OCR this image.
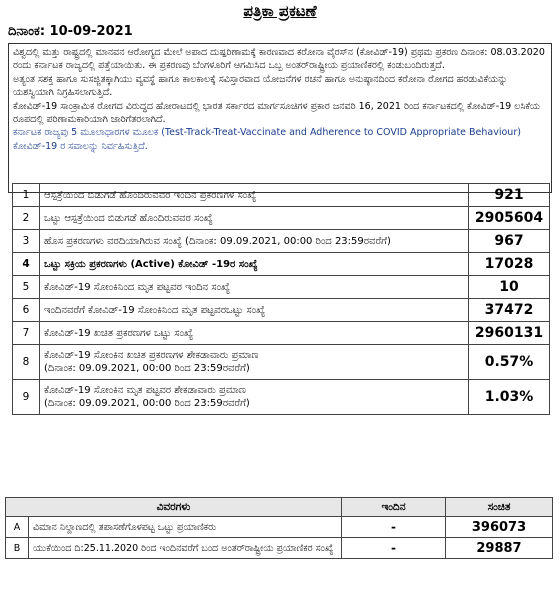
ಪತ್ರಿಕಾ ಪ್ರಕಟಣೆ
ದಿನಾಂಕ: 10-09-2021

ವಿಶ್ವದಲ್ಲಿ ಮತ್ತು ರಾಷ್ಟ್ರದಲ್ಲಿ ಮಾನವನ ಆರೋಗ್ಯದ ಮೇಲೆ ಅಪಾದ ದುಷ್ಪರಿಣಾಮಕ್ಕೆ ಕಾರಣವಾದ ಕರೋನಾ ವೈರಸ್‌ನ (ಕೋವಿಡ್-19) ಪ್ರಥಮ ಪ್ರಕರಣ ದಿನಾಂಕ: 08.03.2020 ರಂದು ಕರ್ನಾಟಕ ರಾಜ್ಯದಲ್ಲಿ ಪತ್ತೆಯಾಯಿತು. ಈ ಪ್ರಕರಣವು ಬೆಂಗಳೂರಿಗೆ ಆಗಮಿಸಿದ ಒಬ್ಬ ಅಂತರ್‌ರಾಷ್ಟ್ರೀಯ ಪ್ರಯಾಣಿಕರಲ್ಲಿ ಕಂಡುಬಂದಿರುತ್ತದೆ.

ಅತ್ಯಂತ ಸಶಕ್ತ ಹಾಗೂ ಸುಸಜ್ಜಿತಕ್ಕಾಗಿಯು ವ್ಯವಸ್ಥೆ ಹಾಗೂ ಕಾಲಕಾಲಕ್ಕೆ ಸವಿಸ್ತಾರವಾದ ಯೋಜನೆಗಳ ರಚನೆ ಹಾಗೂ ಅನುಷ್ಠಾನದಿಂದ ಕರೋನಾ ರೋಗದ ಹರಡುವಿಕೆಯನ್ನು ಯಶಸ್ವಿಯಾಗಿ ನಿಗ್ರಹಿಸಲಾಗುತ್ತಿದೆ.

ಕೋವಿಡ್-19 ಸಾಂಕ್ರಾಮಿಕ ರೋಗದ ವಿರುದ್ಧದ ಹೋರಾಟದಲ್ಲಿ ಭಾರತ ಸರ್ಕಾರದ ಮಾರ್ಗಸೂಚಿಗಳ ಪ್ರಕಾರ ಜನವರಿ 16, 2021 ರಿಂದ ಕರ್ನಾಟಕದಲ್ಲಿ ಕೋವಿಡ್-19 ಲಸಿಕೆಯ ರೂಪದಲ್ಲಿ ಪರಿಣಾಮಕಾರಿಯಾಗಿ ಜಾರಿಗೆತರಲಾಗಿದೆ.

ಕರ್ನಾಟಕ ರಾಜ್ಯವು 5 ಮೂಲಾಧಾರಗಳ ಮೂಲಕ (Test-Track-Treat-Vaccinate and Adherence to COVID Appropriate Behaviour) ಕೋವಿಡ್-19 ರ ಸವಾಲನ್ನು ನಿರ್ವಹಿಸುತ್ತಿದೆ.

1	ಆಸ್ಪತ್ರೆಯಿಂದ ಬಿಡುಗಡೆ ಹೊಂದಿರುವವರ ಇಂದಿನ ಪ್ರಕರಣಗಳ ಸಂಖ್ಯೆ	921
2	ಒಟ್ಟು ಆಸ್ಪತ್ರೆಯಿಂದ ಬಿಡುಗಡೆ ಹೊಂದಿರುವವರ ಸಂಖ್ಯೆ	2905604
3	ಹೊಸ ಪ್ರಕರಣಗಳು ವರದಿಯಾಗಿರುವ ಸಂಖ್ಯೆ (ದಿನಾಂಕ: 09.09.2021, 00:00 ರಿಂದ 23:59ರವರೆಗೆ)	967
4	ಒಟ್ಟು ಸಕ್ರಿಯ ಪ್ರಕರಣಗಳು (Active) ಕೋವಿಡ್ -19ರ ಸಂಖ್ಯೆ	17028
5	ಕೋವಿಡ್-19 ಸೋಂಕಿನಿಂದ ಮೃತ ಪಟ್ಟವರ ಇಂದಿನ ಸಂಖ್ಯೆ	10
6	ಇಂದಿನವರೆಗೆ ಕೋವಿಡ್-19 ಸೋಂಕಿನಿಂದ ಮೃತ ಪಟ್ಟವರಒಟ್ಟು ಸಂಖ್ಯೆ	37472
7	ಕೋವಿಡ್-19 ಖಚಿತ ಪ್ರಕರಣಗಳ ಒಟ್ಟು ಸಂಖ್ಯೆ	2960131
8	ಕೋವಿಡ್-19 ಸೋಂಕಿನ ಖಚಿತ ಪ್ರಕರಣಗಳ ಶೇಕಡಾವಾರು ಪ್ರಮಾಣ
(ದಿನಾಂಕ: 09.09.2021, 00:00 ರಿಂದ 23:59ರವರೆಗೆ)	0.57%
9	ಕೋವಿಡ್-19 ಸೋಂಕಿನ ಮೃತ ಪಟ್ಟವರ ಶೇಕಡಾವಾರು ಪ್ರಮಾಣ
(ದಿನಾಂಕ: 09.09.2021, 00:00 ರಿಂದ 23:59ರವರೆಗೆ)	1.03%
ವಿವರಗಳು		ಇಂದಿನ	ಸಂಚಿತ
A	ವಿಮಾನ ನಿಲ್ದಾಣದಲ್ಲಿ ತಪಾಸಣೆಗೊಳಪಟ್ಟ ಒಟ್ಟು ಪ್ರಯಾಣಿಕರು	-	396073
B	ಯುಕೆಯಿಂದ ದಿ:25.11.2020 ರಿಂದ ಇಂದಿನವರೆಗೆ ಬಂದ ಅಂತರ್‌ರಾಷ್ಟ್ರೀಯ ಪ್ರಯಾಣಿಕರ ಸಂಖ್ಯೆ	-	29887
